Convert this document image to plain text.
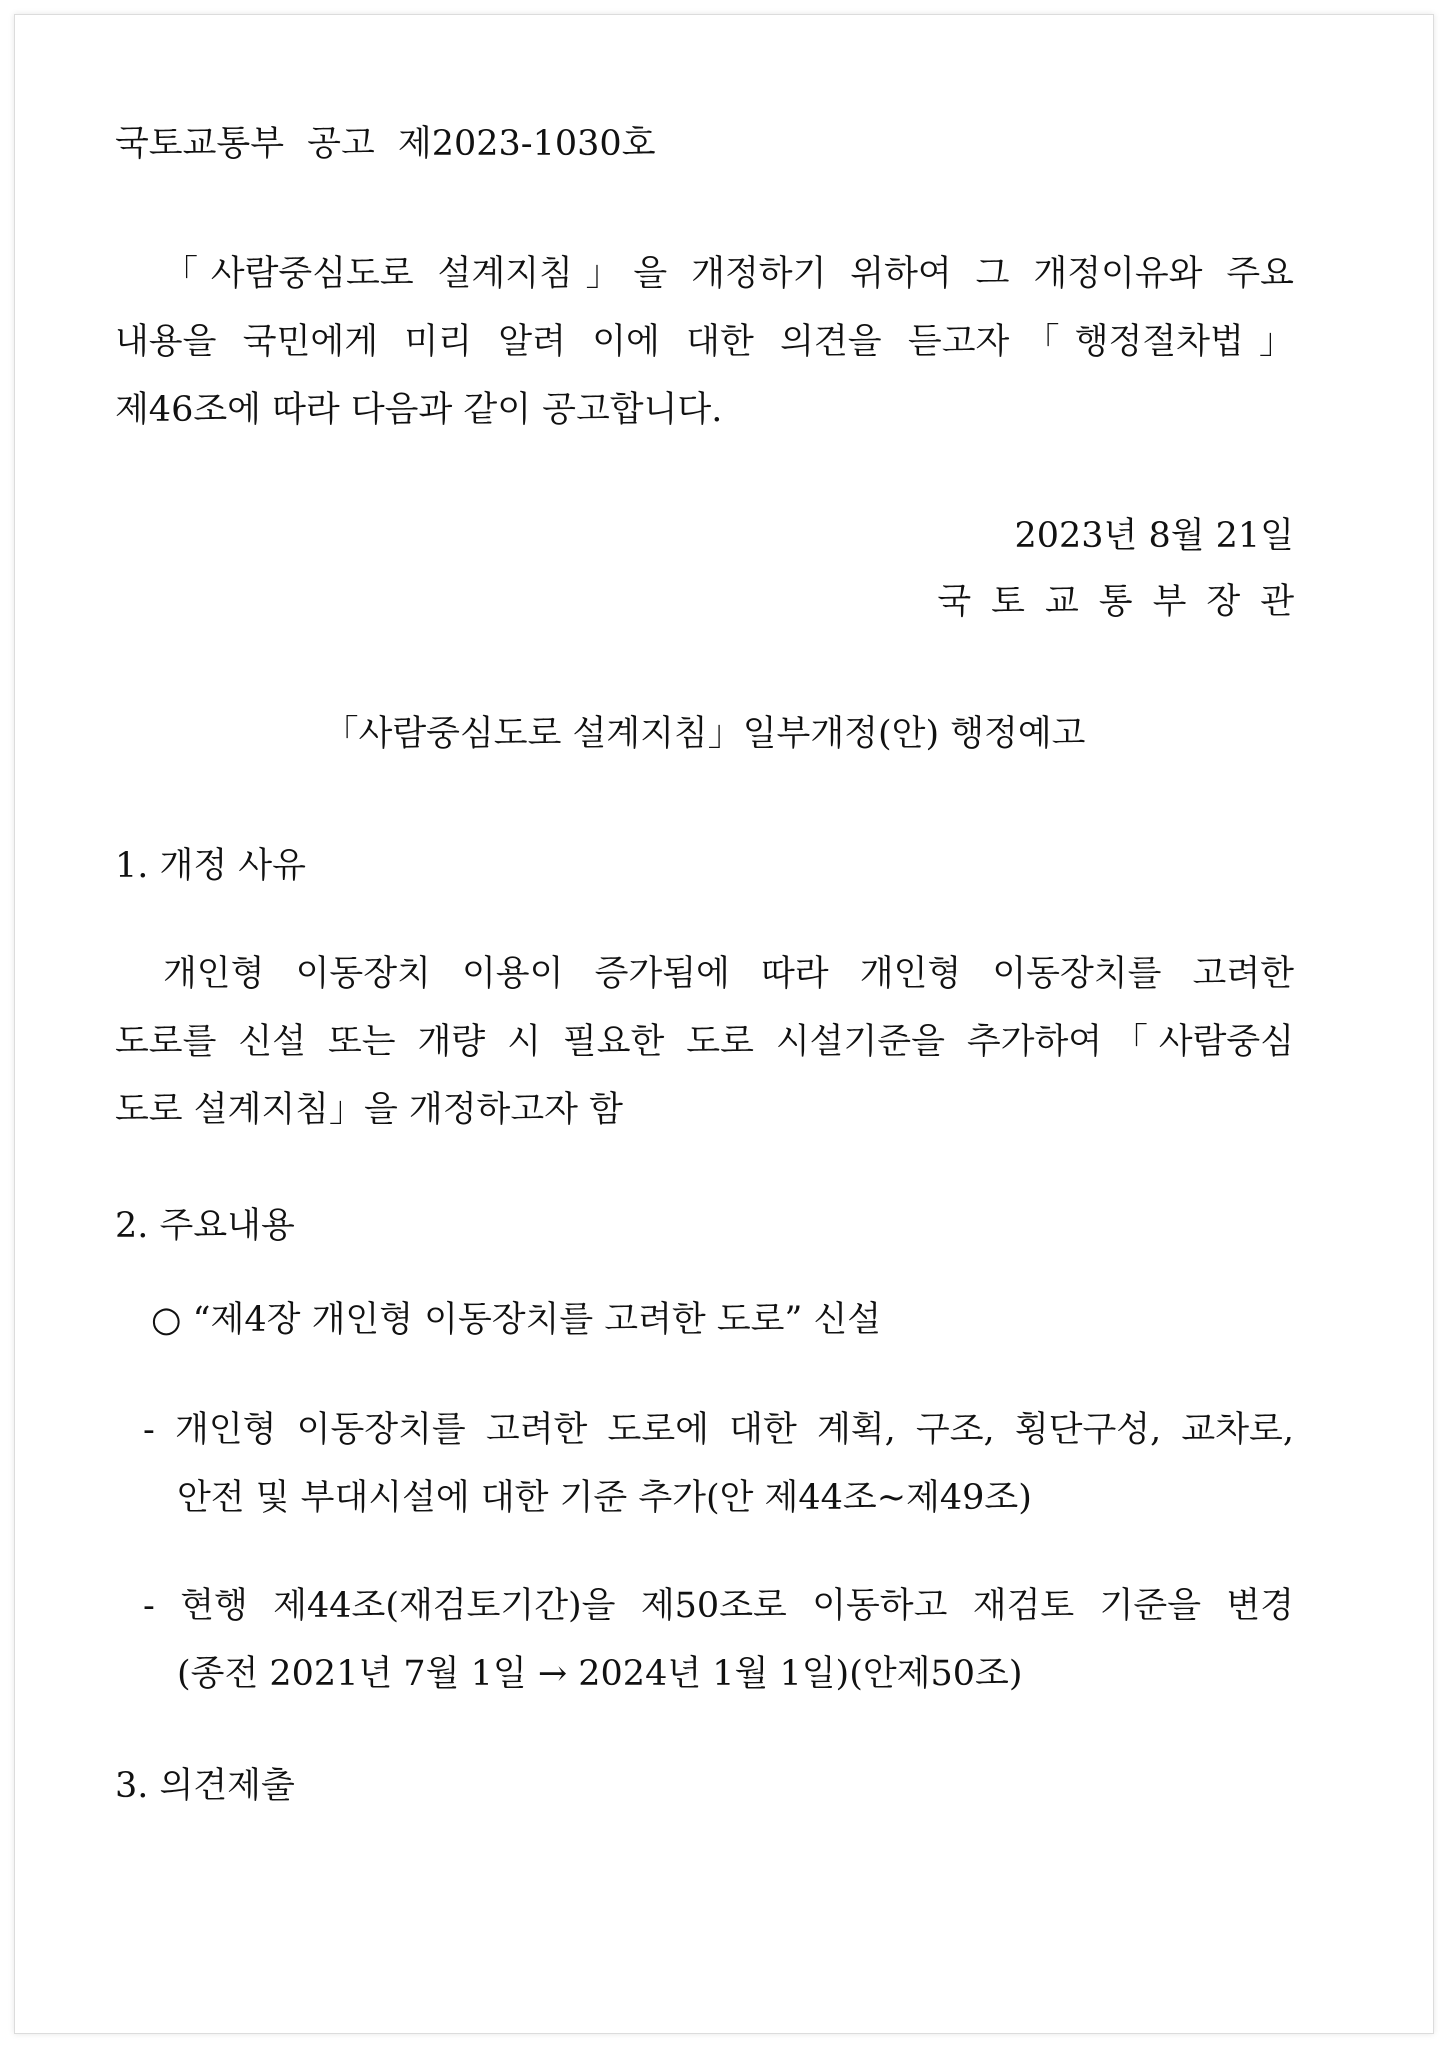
국토교통부 공고 제2023-1030호
「사람중심도로 설계지침」을 개정하기 위하여 그 개정이유와 주요
내용을 국민에게 미리 알려 이에 대한 의견을 듣고자「행정절차법」
제46조에 따라 다음과 같이 공고합니다.
2023년 8월 21일
국토교통부장관
「사람중심도로 설계지침」일부개정(안) 행정예고
1. 개정 사유
개인형 이동장치 이용이 증가됨에 따라 개인형 이동장치를 고려한
도로를 신설 또는 개량 시 필요한 도로 시설기준을 추가하여「사람중심
도로 설계지침」을 개정하고자 함
2. 주요내용
○ “제4장 개인형 이동장치를 고려한 도로” 신설
- 개인형 이동장치를 고려한 도로에 대한 계획, 구조, 횡단구성, 교차로,
안전 및 부대시설에 대한 기준 추가(안 제44조~제49조)
- 현행 제44조(재검토기간)을 제50조로 이동하고 재검토 기준을 변경
(종전 2021년 7월 1일 → 2024년 1월 1일)(안제50조)
3. 의견제출
